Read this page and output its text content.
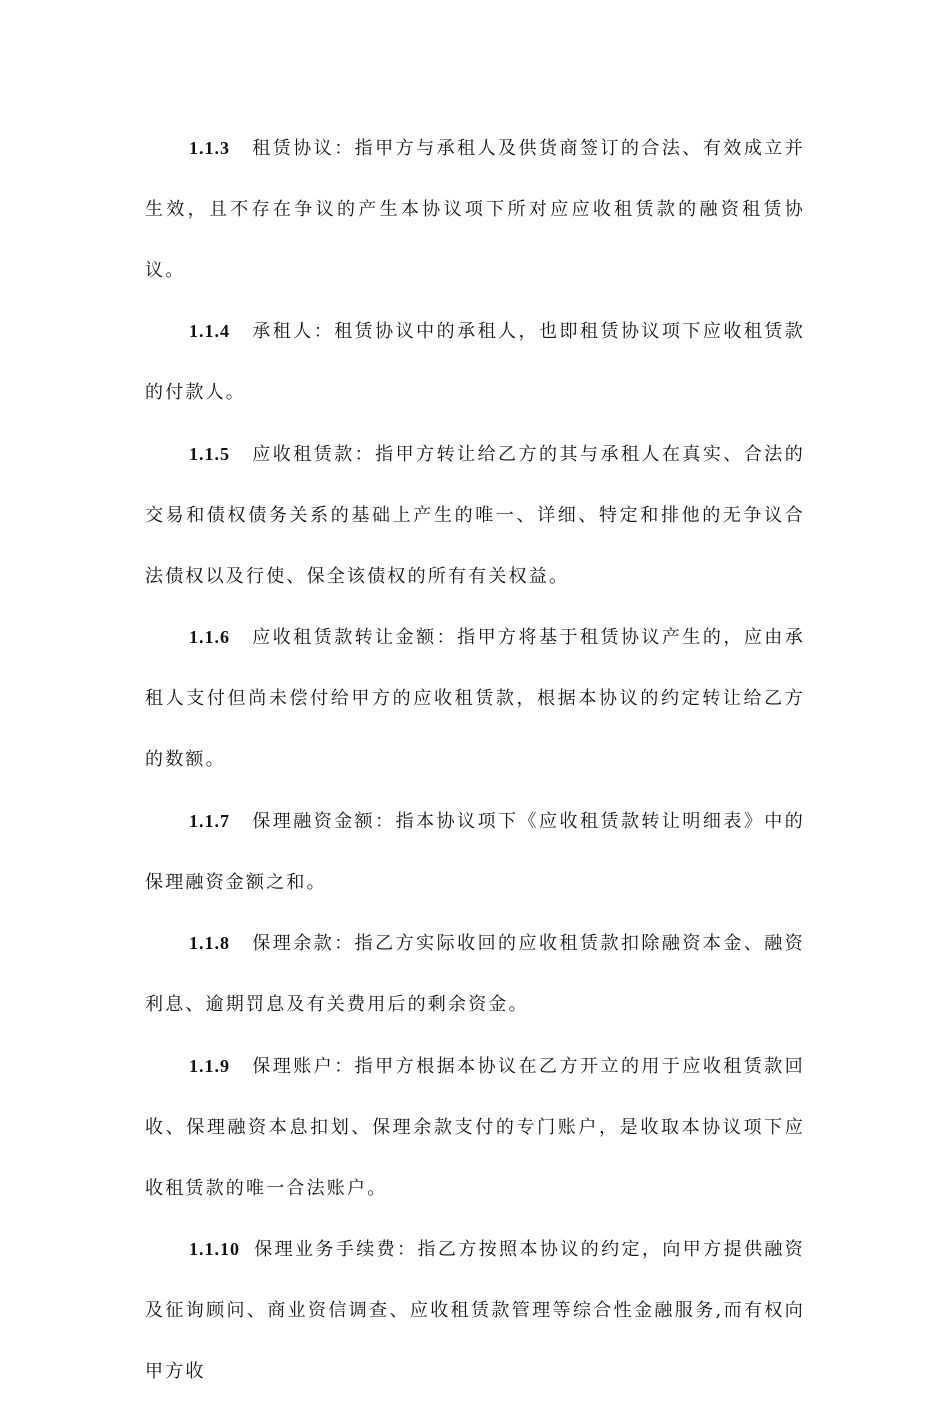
1.1.3 租赁协议：指甲方与承租人及供货商签订的合法、有效成立并生效，且不存在争议的产生本协议项下所对应应收租赁款的融资租赁协议。

1.1.4 承租人：租赁协议中的承租人，也即租赁协议项下应收租赁款的付款人。

1.1.5 应收租赁款：指甲方转让给乙方的其与承租人在真实、合法的交易和债权债务关系的基础上产生的唯一、详细、特定和排他的无争议合法债权以及行使、保全该债权的所有有关权益。

1.1.6 应收租赁款转让金额：指甲方将基于租赁协议产生的，应由承租人支付但尚未偿付给甲方的应收租赁款，根据本协议的约定转让给乙方的数额。

1.1.7 保理融资金额：指本协议项下《应收租赁款转让明细表》中的保理融资金额之和。

1.1.8 保理余款：指乙方实际收回的应收租赁款扣除融资本金、融资利息、逾期罚息及有关费用后的剩余资金。

1.1.9 保理账户：指甲方根据本协议在乙方开立的用于应收租赁款回收、保理融资本息扣划、保理余款支付的专门账户，是收取本协议项下应收租赁款的唯一合法账户。

1.1.10 保理业务手续费：指乙方按照本协议的约定，向甲方提供融资及征询顾问、商业资信调查、应收租赁款管理等综合性金融服务,而有权向甲方收
